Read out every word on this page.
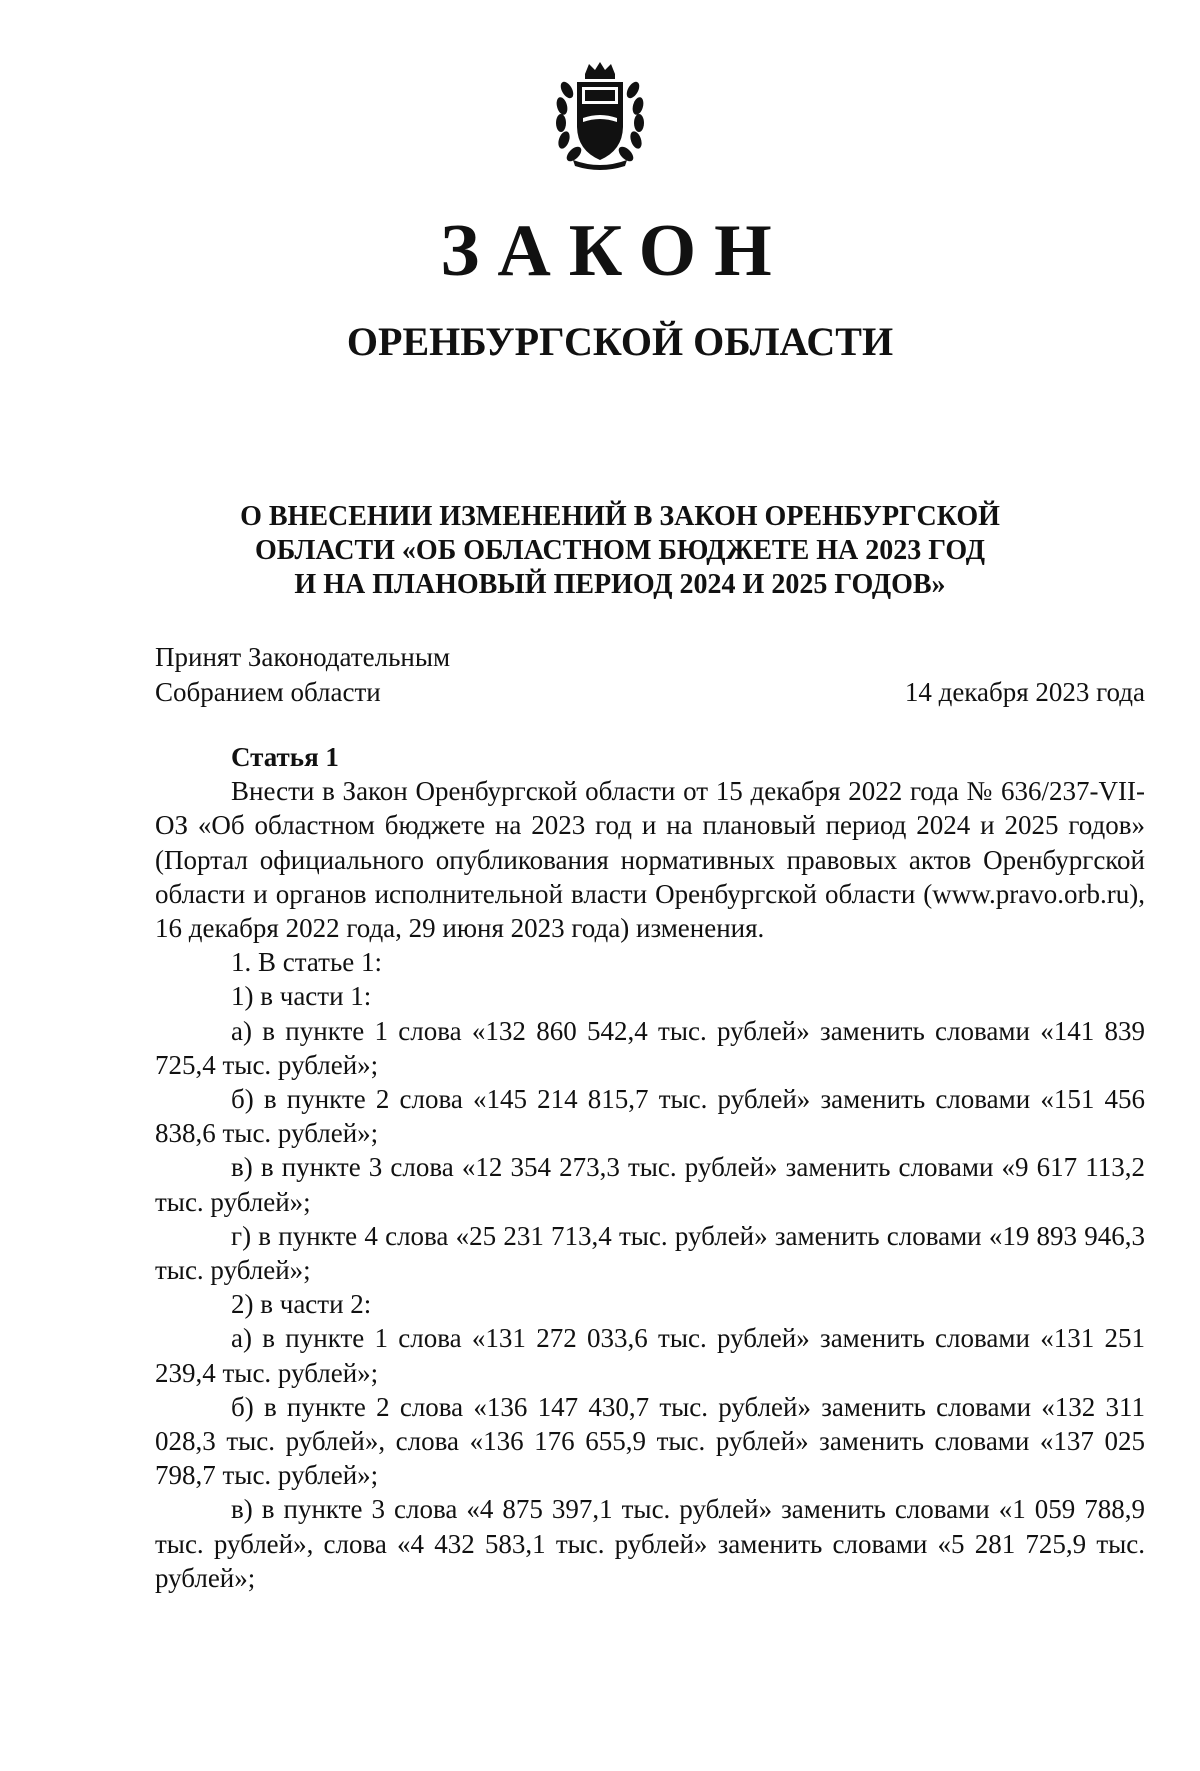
ЗАКОН
ОРЕНБУРГСКОЙ ОБЛАСТИ
О ВНЕСЕНИИ ИЗМЕНЕНИЙ В ЗАКОН ОРЕНБУРГСКОЙ
ОБЛАСТИ «ОБ ОБЛАСТНОМ БЮДЖЕТЕ НА 2023 ГОД
И НА ПЛАНОВЫЙ ПЕРИОД 2024 И 2025 ГОДОВ»
Принят Законодательным
Собранием области	14 декабря 2023 года

Статья 1

Внести в Закон Оренбургской области от 15 декабря 2022 года № 636/237-VII-ОЗ «Об областном бюджете на 2023 год и на плановый период 2024 и 2025 годов» (Портал официального опубликования нормативных правовых актов Оренбургской области и органов исполнительной власти Оренбургской области (www.pravo.orb.ru), 16 декабря 2022 года, 29 июня 2023 года) изменения.

1. В статье 1:

1) в части 1:

а) в пункте 1 слова «132 860 542,4 тыс. рублей» заменить словами «141 839 725,4 тыс. рублей»;

б) в пункте 2 слова «145 214 815,7 тыс. рублей» заменить словами «151 456 838,6 тыс. рублей»;

в) в пункте 3 слова «12 354 273,3 тыс. рублей» заменить словами «9 617 113,2 тыс. рублей»;

г) в пункте 4 слова «25 231 713,4 тыс. рублей» заменить словами «19 893 946,3 тыс. рублей»;

2) в части 2:

а) в пункте 1 слова «131 272 033,6 тыс. рублей» заменить словами «131 251 239,4 тыс. рублей»;

б) в пункте 2 слова «136 147 430,7 тыс. рублей» заменить словами «132 311 028,3 тыс. рублей», слова «136 176 655,9 тыс. рублей» заменить словами «137 025 798,7 тыс. рублей»;

в) в пункте 3 слова «4 875 397,1 тыс. рублей» заменить словами «1 059 788,9 тыс. рублей», слова «4 432 583,1 тыс. рублей» заменить словами «5 281 725,9 тыс. рублей»;
